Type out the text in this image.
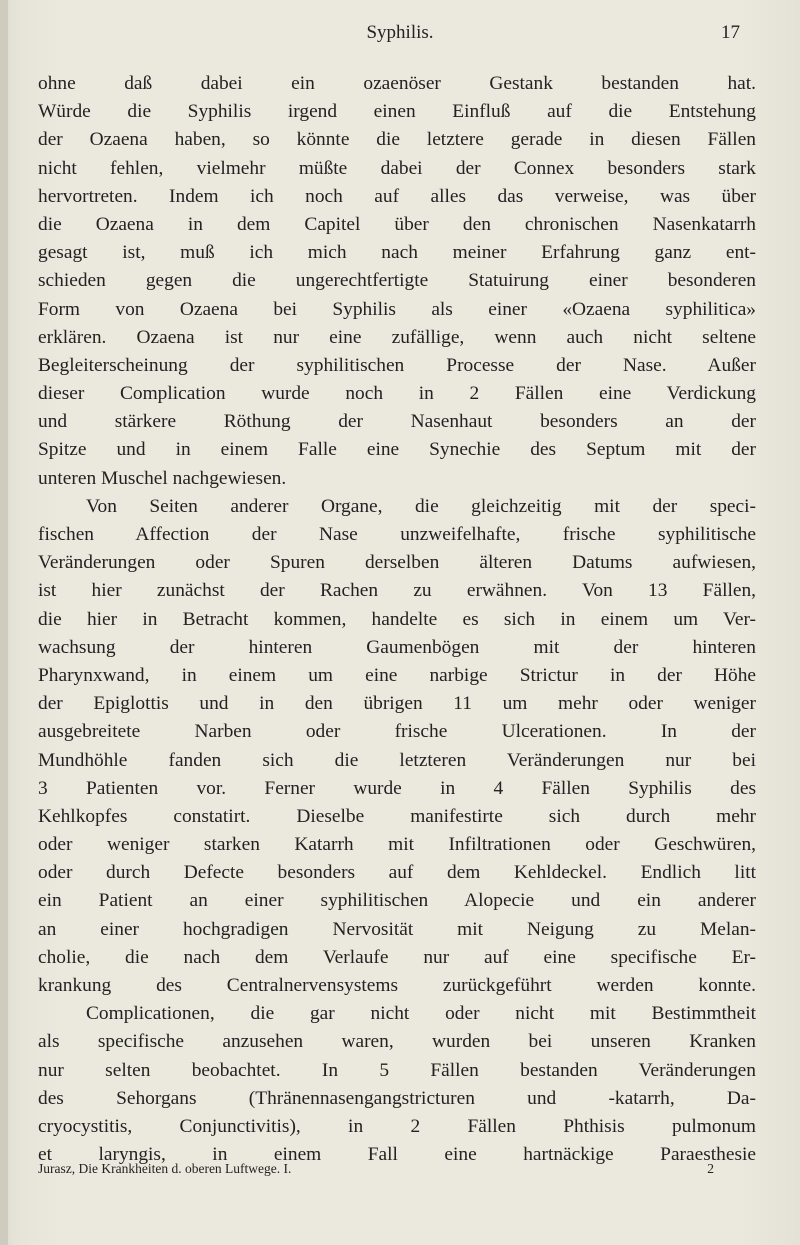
Syphilis.	17
ohne daß dabei ein ozaenöser Gestank bestanden hat.
Würde die Syphilis irgend einen Einfluß auf die Entstehung
der Ozaena haben, so könnte die letztere gerade in diesen Fällen
nicht fehlen, vielmehr müßte dabei der Connex besonders stark
hervortreten. Indem ich noch auf alles das verweise, was über
die Ozaena in dem Capitel über den chronischen Nasenkatarrh
gesagt ist, muß ich mich nach meiner Erfahrung ganz ent-
schieden gegen die ungerechtfertigte Statuirung einer besonderen
Form von Ozaena bei Syphilis als einer «Ozaena syphilitica»
erklären. Ozaena ist nur eine zufällige, wenn auch nicht seltene
Begleiterscheinung der syphilitischen Processe der Nase. Außer
dieser Complication wurde noch in 2 Fällen eine Verdickung
und stärkere Röthung der Nasenhaut besonders an der
Spitze und in einem Falle eine Synechie des Septum mit der
unteren Muschel nachgewiesen.
Von Seiten anderer Organe, die gleichzeitig mit der speci-
fischen Affection der Nase unzweifelhafte, frische syphilitische
Veränderungen oder Spuren derselben älteren Datums aufwiesen,
ist hier zunächst der Rachen zu erwähnen. Von 13 Fällen,
die hier in Betracht kommen, handelte es sich in einem um Ver-
wachsung der hinteren Gaumenbögen mit der hinteren
Pharynxwand, in einem um eine narbige Strictur in der Höhe
der Epiglottis und in den übrigen 11 um mehr oder weniger
ausgebreitete Narben oder frische Ulcerationen. In der
Mundhöhle fanden sich die letzteren Veränderungen nur bei
3 Patienten vor. Ferner wurde in 4 Fällen Syphilis des
Kehlkopfes constatirt. Dieselbe manifestirte sich durch mehr
oder weniger starken Katarrh mit Infiltrationen oder Geschwüren,
oder durch Defecte besonders auf dem Kehldeckel. Endlich litt
ein Patient an einer syphilitischen Alopecie und ein anderer
an einer hochgradigen Nervosität mit Neigung zu Melan-
cholie, die nach dem Verlaufe nur auf eine specifische Er-
krankung des Centralnervensystems zurückgeführt werden konnte.
Complicationen, die gar nicht oder nicht mit Bestimmtheit
als specifische anzusehen waren, wurden bei unseren Kranken
nur selten beobachtet. In 5 Fällen bestanden Veränderungen
des Sehorgans (Thränennasengangstricturen und -katarrh, Da-
cryocystitis, Conjunctivitis), in 2 Fällen Phthisis pulmonum
et laryngis, in einem Fall eine hartnäckige Paraesthesie
Jurasz, Die Krankheiten d. oberen Luftwege. I.	2
